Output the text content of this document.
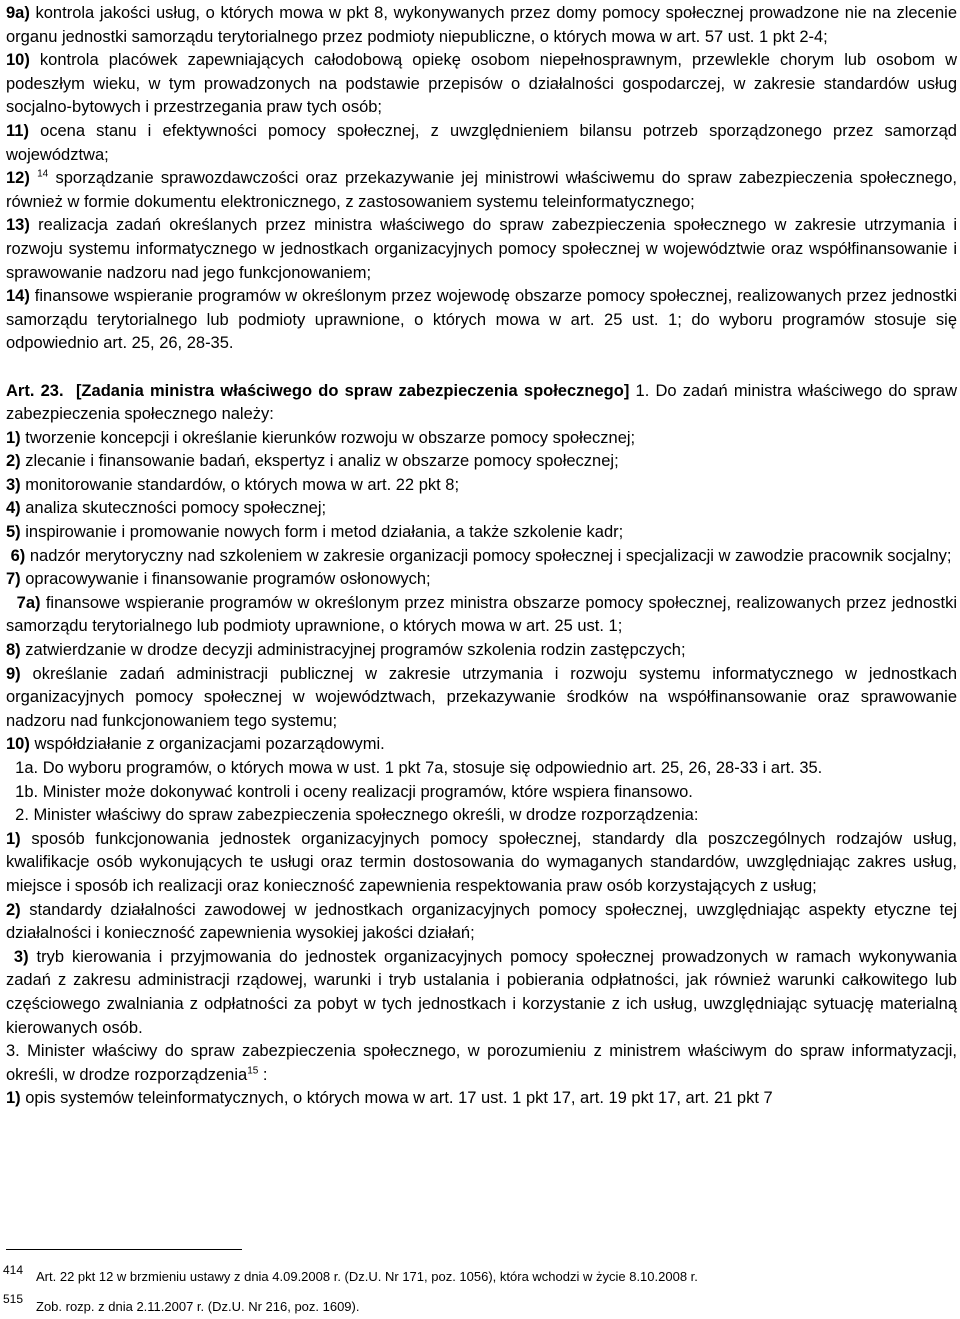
9a) kontrola jakości usług, o których mowa w pkt 8, wykonywanych przez domy pomocy społecznej prowadzone nie na zlecenie organu jednostki samorządu terytorialnego przez podmioty niepubliczne, o których mowa w art. 57 ust. 1 pkt 2-4;

10) kontrola placówek zapewniających całodobową opiekę osobom niepełnosprawnym, przewlekle chorym lub osobom w podeszłym wieku, w tym prowadzonych na podstawie przepisów o działalności gospodarczej, w zakresie standardów usług socjalno-bytowych i przestrzegania praw tych osób;

11) ocena stanu i efektywności pomocy społecznej, z uwzględnieniem bilansu potrzeb sporządzonego przez samorząd województwa;

12) $^{14}$ sporządzanie sprawozdawczości oraz przekazywanie jej ministrowi właściwemu do spraw zabezpieczenia społecznego, również w formie dokumentu elektronicznego, z zastosowaniem systemu teleinformatycznego;

13) realizacja zadań określanych przez ministra właściwego do spraw zabezpieczenia społecznego w zakresie utrzymania i rozwoju systemu informatycznego w jednostkach organizacyjnych pomocy społecznej w województwie oraz współfinansowanie i sprawowanie nadzoru nad jego funkcjonowaniem;

14) finansowe wspieranie programów w określonym przez wojewodę obszarze pomocy społecznej, realizowanych przez jednostki samorządu terytorialnego lub podmioty uprawnione, o których mowa w art. 25 ust. 1; do wyboru programów stosuje się odpowiednio art. 25, 26, 28-35.

Art. 23. [Zadania ministra właściwego do spraw zabezpieczenia społecznego] 1. Do zadań ministra właściwego do spraw zabezpieczenia społecznego należy:

1) tworzenie koncepcji i określanie kierunków rozwoju w obszarze pomocy społecznej;

2) zlecanie i finansowanie badań, ekspertyz i analiz w obszarze pomocy społecznej;

3) monitorowanie standardów, o których mowa w art. 22 pkt 8;

4) analiza skuteczności pomocy społecznej;

5) inspirowanie i promowanie nowych form i metod działania, a także szkolenie kadr;

6) nadzór merytoryczny nad szkoleniem w zakresie organizacji pomocy społecznej i specjalizacji w zawodzie pracownik socjalny;

7) opracowywanie i finansowanie programów osłonowych;

7a) finansowe wspieranie programów w określonym przez ministra obszarze pomocy społecznej, realizowanych przez jednostki samorządu terytorialnego lub podmioty uprawnione, o których mowa w art. 25 ust. 1;

8) zatwierdzanie w drodze decyzji administracyjnej programów szkolenia rodzin zastępczych;

9) określanie zadań administracji publicznej w zakresie utrzymania i rozwoju systemu informatycznego w jednostkach organizacyjnych pomocy społecznej w województwach, przekazywanie środków na współfinansowanie oraz sprawowanie nadzoru nad funkcjonowaniem tego systemu;

10) współdziałanie z organizacjami pozarządowymi.

1a. Do wyboru programów, o których mowa w ust. 1 pkt 7a, stosuje się odpowiednio art. 25, 26, 28-33 i art. 35.

1b. Minister może dokonywać kontroli i oceny realizacji programów, które wspiera finansowo.

2. Minister właściwy do spraw zabezpieczenia społecznego określi, w drodze rozporządzenia:

1) sposób funkcjonowania jednostek organizacyjnych pomocy społecznej, standardy dla poszczególnych rodzajów usług, kwalifikacje osób wykonujących te usługi oraz termin dostosowania do wymaganych standardów, uwzględniając zakres usług, miejsce i sposób ich realizacji oraz konieczność zapewnienia respektowania praw osób korzystających z usług;

2) standardy działalności zawodowej w jednostkach organizacyjnych pomocy społecznej, uwzględniając aspekty etyczne tej działalności i konieczność zapewnienia wysokiej jakości działań;

3) tryb kierowania i przyjmowania do jednostek organizacyjnych pomocy społecznej prowadzonych w ramach wykonywania zadań z zakresu administracji rządowej, warunki i tryb ustalania i pobierania odpłatności, jak również warunki całkowitego lub częściowego zwalniania z odpłatności za pobyt w tych jednostkach i korzystanie z ich usług, uwzględniając sytuację materialną kierowanych osób.

3. Minister właściwy do spraw zabezpieczenia społecznego, w porozumieniu z ministrem właściwym do spraw informatyzacji, określi, w drodze rozporządzenia$^{15}$ :

1) opis systemów teleinformatycznych, o których mowa w art. 17 ust. 1 pkt 17, art. 19 pkt 17, art. 21 pkt 7

414 Art. 22 pkt 12 w brzmieniu ustawy z dnia 4.09.2008 r. (Dz.U. Nr 171, poz. 1056), która wchodzi w życie 8.10.2008 r.
515 Zob. rozp. z dnia 2.11.2007 r. (Dz.U. Nr 216, poz. 1609).
